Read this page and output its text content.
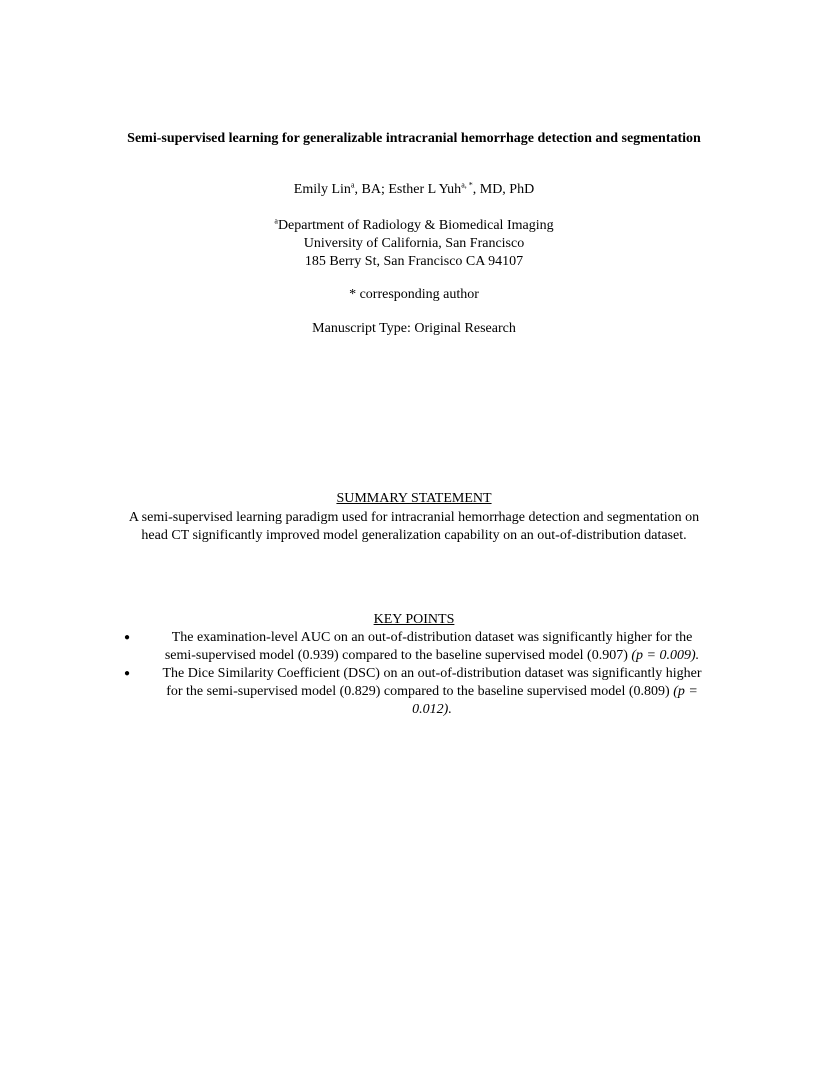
Semi-supervised learning for generalizable intracranial hemorrhage detection and segmentation
Emily Lin$^a$, BA; Esther L Yuh$^{a, *}$, MD, PhD
$^a$Department of Radiology & Biomedical Imaging
University of California, San Francisco
185 Berry St, San Francisco CA 94107
* corresponding author
Manuscript Type: Original Research
SUMMARY STATEMENT
A semi-supervised learning paradigm used for intracranial hemorrhage detection and segmentation on
head CT significantly improved model generalization capability on an out-of-distribution dataset.
KEY POINTS
●	The examination-level AUC on an out-of-distribution dataset was significantly higher for the
semi-supervised model (0.939) compared to the baseline supervised model (0.907) (p = 0.009).
●	The Dice Similarity Coefficient (DSC) on an out-of-distribution dataset was significantly higher
for the semi-supervised model (0.829) compared to the baseline supervised model (0.809) (p =
0.012).
